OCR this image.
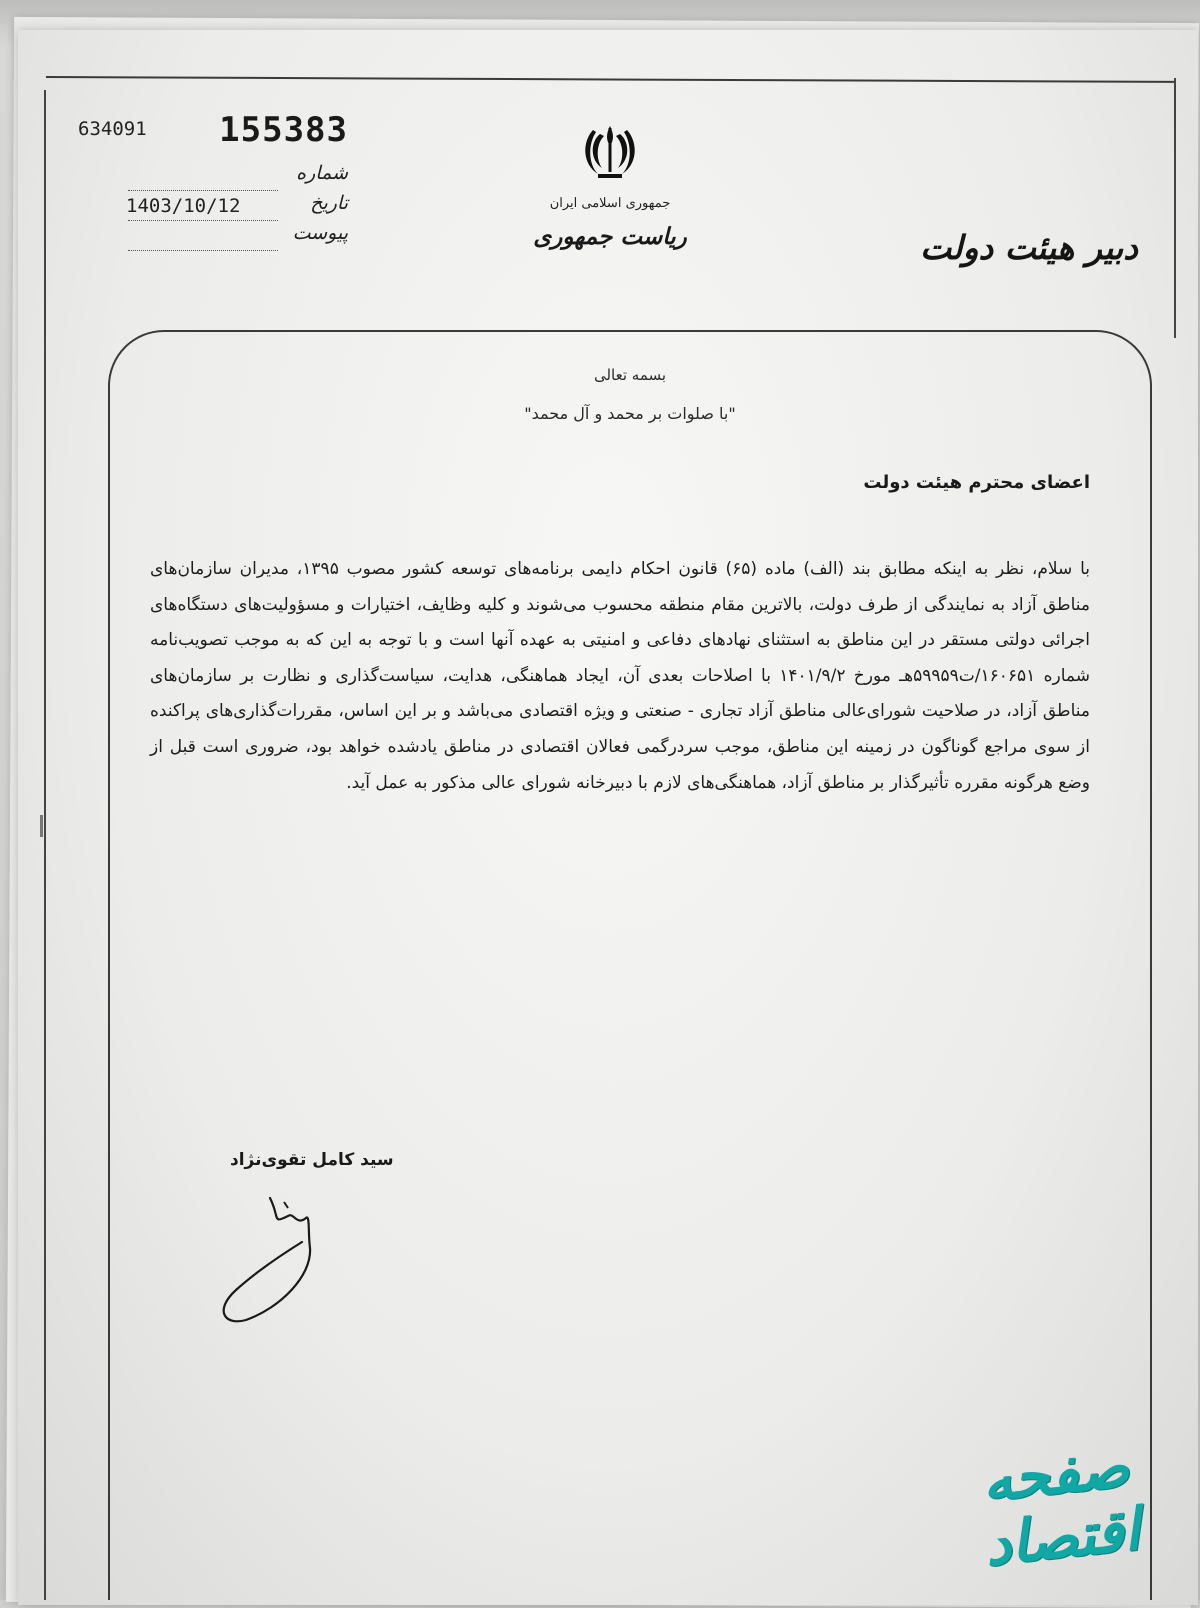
155383
634091
شماره
تاریخ
پیوست
1403/10/12	جمهوری اسلامی ایران
ریاست جمهوری	دبیر هیئت دولت
بسمه تعالی
"با صلوات بر محمد و آل محمد"
اعضای محترم هیئت دولت
با سلام، نظر به اینکه مطابق بند (الف) ماده (۶۵) قانون احکام دایمی برنامه‌های توسعه کشور مصوب ۱۳۹۵، مدیران سازمان‌های مناطق آزاد به نمایندگی از طرف دولت، بالاترین مقام منطقه محسوب می‌شوند و کلیه وظایف، اختیارات و مسؤولیت‌های دستگاه‌های اجرائی دولتی مستقر در این مناطق به استثنای نهادهای دفاعی و امنیتی به عهده آنها است و با توجه به این که به موجب تصویب‌نامه شماره ۱۶۰۶۵۱/ت۵۹۹۵۹هـ مورخ ۱۴۰۱/۹/۲ با اصلاحات بعدی آن، ایجاد هماهنگی، هدایت، سیاست‌گذاری و نظارت بر سازمان‌های مناطق آزاد، در صلاحیت شورای‌عالی مناطق آزاد تجاری - صنعتی و ویژه اقتصادی می‌باشد و بر این اساس، مقررات‌گذاری‌های پراکنده از سوی مراجع گوناگون در زمینه این مناطق، موجب سردرگمی فعالان اقتصادی در مناطق یادشده خواهد بود، ضروری است قبل از وضع هرگونه مقرره تأثیرگذار بر مناطق آزاد، هماهنگی‌های لازم با دبیرخانه شورای عالی مذکور به عمل آید.
سید کامل تقوی‌نژاد
صفحه اقتصاد
